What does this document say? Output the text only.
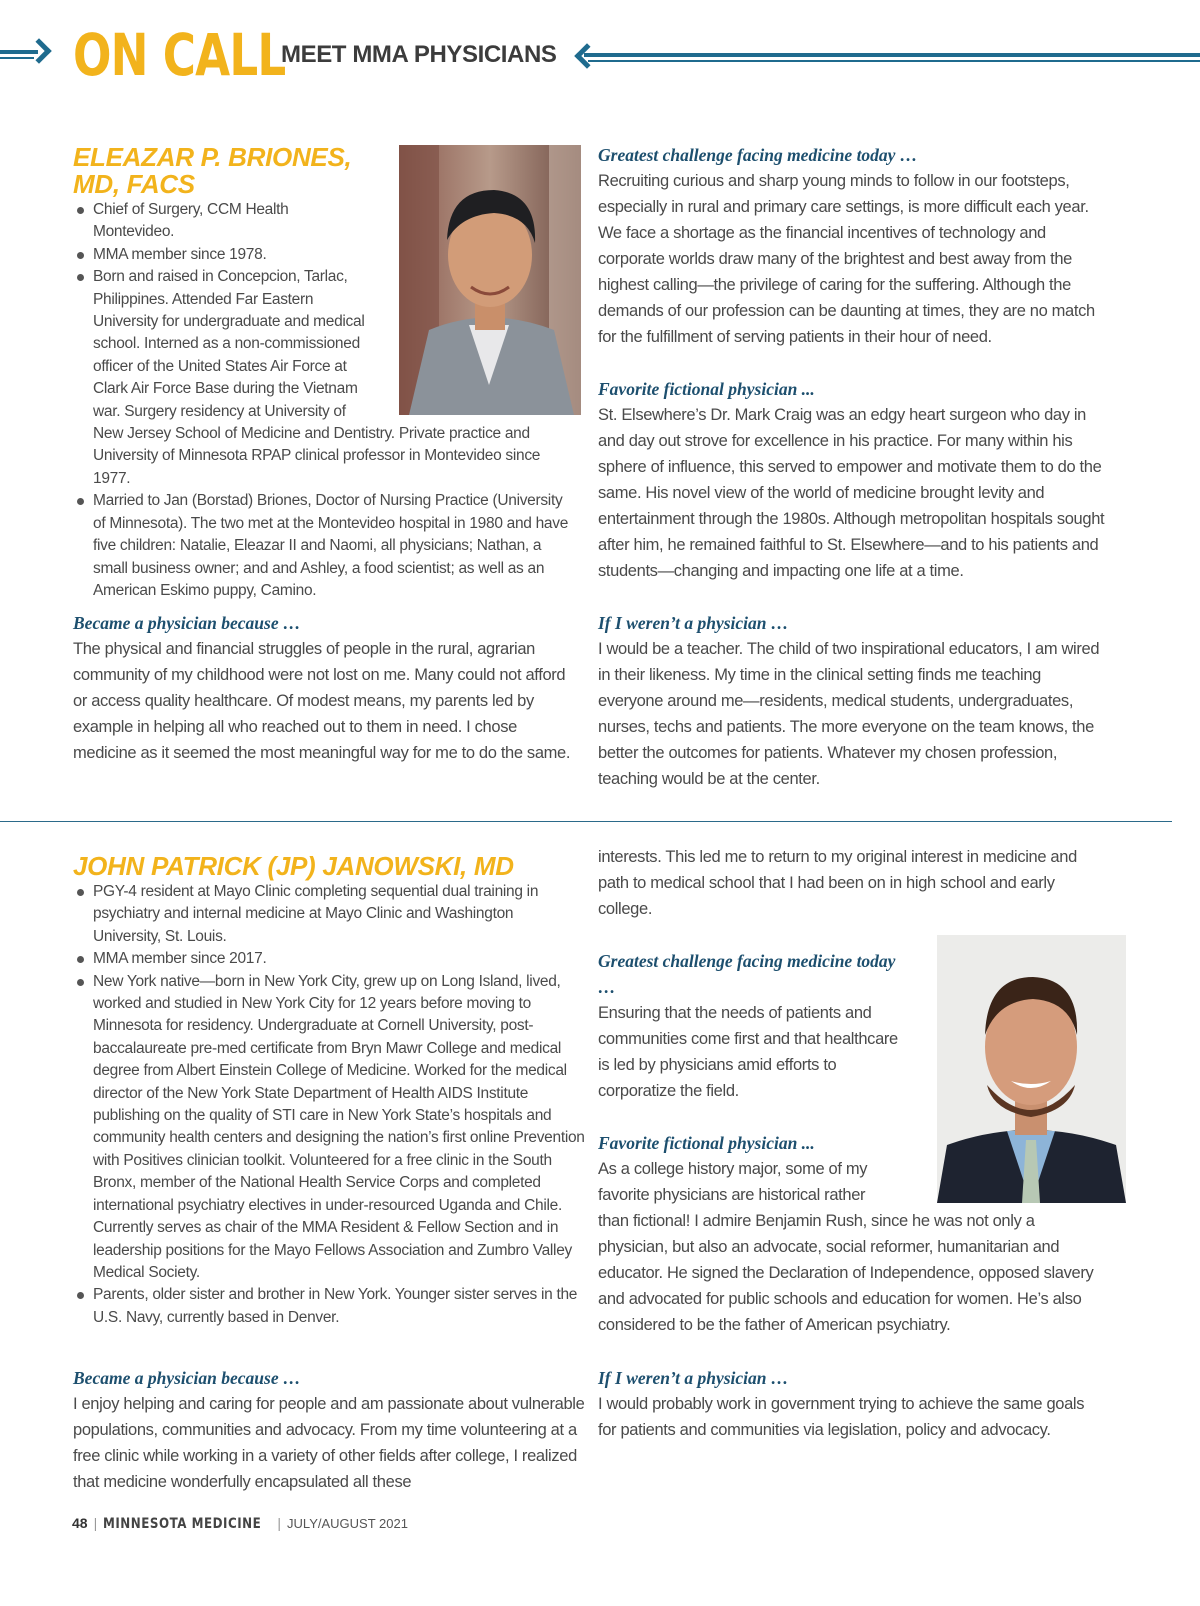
ON CALL
MEET MMA PHYSICIANS
ELEAZAR P. BRIONES,
MD, FACS
Chief of Surgery, CCM Health Montevideo.
MMA member since 1978.
Born and raised in Concepcion, Tarlac, Philippines. Attended Far Eastern University for undergraduate and medical school. Interned as a non-commissioned officer of the United States Air Force at Clark Air Force Base during the Vietnam war. Surgery residency at University of New Jersey School of Medicine and Dentistry. Private practice and University of Minnesota RPAP clinical professor in Montevideo since 1977.
Married to Jan (Borstad) Briones, Doctor of Nursing Practice (University of Minnesota). The two met at the Montevideo hospital in 1980 and have five children: Natalie, Eleazar II and Naomi, all physicians; Nathan, a small business owner; and and Ashley, a food scientist; as well as an American Eskimo puppy, Camino.
Became a physician because …

The physical and financial struggles of people in the rural, agrarian community of my childhood were not lost on me. Many could not afford or access quality healthcare. Of modest means, my parents led by example in helping all who reached out to them in need. I chose medicine as it seemed the most meaningful way for me to do the same.

Greatest challenge facing medicine today …

Recruiting curious and sharp young minds to follow in our footsteps, especially in rural and primary care settings, is more difficult each year. We face a shortage as the financial incentives of technology and corporate worlds draw many of the brightest and best away from the highest calling—the privilege of caring for the suffering. Although the demands of our profession can be daunting at times, they are no match for the fulfillment of serving patients in their hour of need.

Favorite fictional physician ...

St. Elsewhere’s Dr. Mark Craig was an edgy heart surgeon who day in and day out strove for excellence in his practice. For many within his sphere of influence, this served to empower and motivate them to do the same. His novel view of the world of medicine brought levity and entertainment through the 1980s. Although metropolitan hospitals sought after him, he remained faithful to St. Elsewhere—and to his patients and students—changing and impacting one life at a time.

If I weren’t a physician …

I would be a teacher. The child of two inspirational educators, I am wired in their likeness. My time in the clinical setting finds me teaching everyone around me—residents, medical students, undergraduates, nurses, techs and patients. The more everyone on the team knows, the better the outcomes for patients. Whatever my chosen profession, teaching would be at the center.

JOHN PATRICK (JP) JANOWSKI, MD
PGY-4 resident at Mayo Clinic completing sequential dual training in psychiatry and internal medicine at Mayo Clinic and Washington University, St. Louis.
MMA member since 2017.
New York native—born in New York City, grew up on Long Island, lived, worked and studied in New York City for 12 years before moving to Minnesota for residency. Undergraduate at Cornell University, post-baccalaureate pre-med certificate from Bryn Mawr College and medical degree from Albert Einstein College of Medicine. Worked for the medical director of the New York State Department of Health AIDS Institute publishing on the quality of STI care in New York State’s hospitals and community health centers and designing the nation’s first online Prevention with Positives clinician toolkit. Volunteered for a free clinic in the South Bronx, member of the National Health Service Corps and completed international psychiatry electives in under-resourced Uganda and Chile. Currently serves as chair of the MMA Resident & Fellow Section and in leadership positions for the Mayo Fellows Association and Zumbro Valley Medical Society.
Parents, older sister and brother in New York. Younger sister serves in the U.S. Navy, currently based in Denver.
Became a physician because …

I enjoy helping and caring for people and am passionate about vulnerable populations, communities and advocacy. From my time volunteering at a free clinic while working in a variety of other fields after college, I realized that medicine wonderfully encapsulated all these

interests. This led me to return to my original interest in medicine and path to medical school that I had been on in high school and early college.

Greatest challenge facing medicine today …

Ensuring that the needs of patients and communities come first and that healthcare is led by physicians amid efforts to corporatize the field.

Favorite fictional physician ...

As a college history major, some of my favorite physicians are historical rather than fictional! I admire Benjamin Rush, since he was not only a physician, but also an advocate, social reformer, humanitarian and educator. He signed the Declaration of Independence, opposed slavery and advocated for public schools and education for women. He’s also considered to be the father of American psychiatry.

If I weren’t a physician …

I would probably work in government trying to achieve the same goals for patients and communities via legislation, policy and advocacy.

48 | MINNESOTA MEDICINE | JULY/AUGUST 2021
